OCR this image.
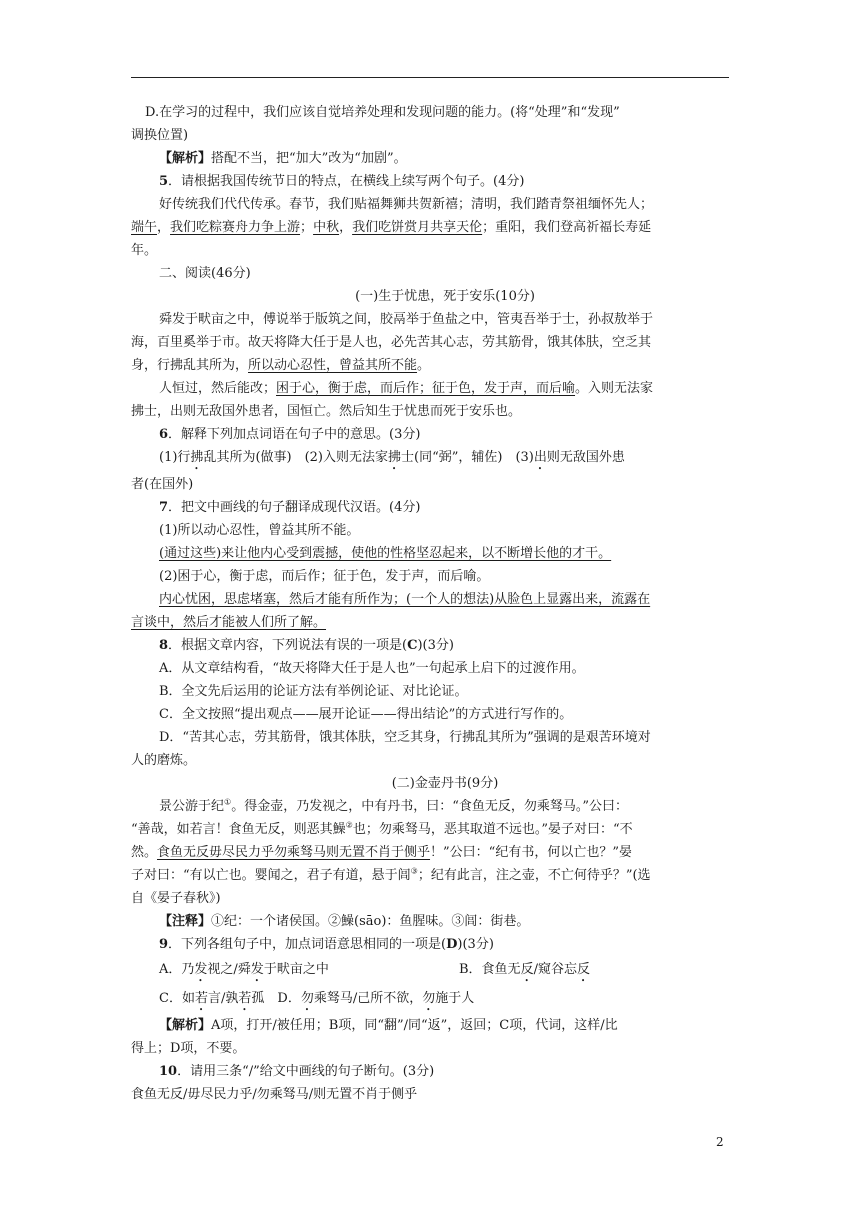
D.在学习的过程中，我们应该自觉培养处理和发现问题的能力。(将“处理”和“发现”

调换位置)

【解析】搭配不当，把“加大”改为“加剧”。

5．请根据我国传统节日的特点，在横线上续写两个句子。(4分)

好传统我们代代传承。春节，我们贴福舞狮共贺新禧；清明，我们踏青祭祖缅怀先人；

端午，我们吃粽赛舟力争上游；中秋，我们吃饼赏月共享天伦；重阳，我们登高祈福长寿延

年。

二、阅读(46分)

(一)生于忧患，死于安乐(10分)

舜发于畎亩之中，傅说举于版筑之间，胶鬲举于鱼盐之中，管夷吾举于士，孙叔敖举于

海，百里奚举于市。故天将降大任于是人也，必先苦其心志，劳其筋骨，饿其体肤，空乏其

身，行拂乱其所为，所以动心忍性，曾益其所不能。

人恒过，然后能改；困于心，衡于虑，而后作；征于色，发于声，而后喻。入则无法家

拂士，出则无敌国外患者，国恒亡。然后知生于忧患而死于安乐也。

6．解释下列加点词语在句子中的意思。(3分)

(1)行拂乱其所为(做事)  (2)入则无法家拂士(同“弼”，辅佐)  (3)出则无敌国外患

者(在国外)

7．把文中画线的句子翻译成现代汉语。(4分)

(1)所以动心忍性，曾益其所不能。

(通过这些)来让他内心受到震撼，使他的性格坚忍起来，以不断增长他的才干。

(2)困于心，衡于虑，而后作；征于色，发于声，而后喻。

内心忧困，思虑堵塞，然后才能有所作为；(一个人的想法)从脸色上显露出来，流露在

言谈中，然后才能被人们所了解。

8．根据文章内容，下列说法有误的一项是(C)(3分)

A．从文章结构看，“故天将降大任于是人也”一句起承上启下的过渡作用。

B．全文先后运用的论证方法有举例论证、对比论证。

C．全文按照“提出观点——展开论证——得出结论”的方式进行写作的。

D．“苦其心志，劳其筋骨，饿其体肤，空乏其身，行拂乱其所为”强调的是艰苦环境对

人的磨炼。

(二)金壶丹书(9分)

景公游于纪①。得金壶，乃发视之，中有丹书，曰：“食鱼无反，勿乘驽马。”公曰：

“善哉，如若言！食鱼无反，则恶其鱢②也；勿乘驽马，恶其取道不远也。”晏子对曰：“不

然。食鱼无反毋尽民力乎勿乘驽马则无置不肖于侧乎！”公曰：“纪有书，何以亡也？”晏

子对曰：“有以亡也。婴闻之，君子有道，悬于闾③；纪有此言，注之壶，不亡何待乎？”(选

自《晏子春秋》)

【注释】①纪：一个诸侯国。②鱢(sāo)：鱼腥味。③闾：街巷。

9．下列各组句子中，加点词语意思相同的一项是(D)(3分)

A．乃发视之/舜发于畎亩之中	B．食鱼无反/窥谷忘反

C．如若言/孰若孤  D．勿乘驽马/己所不欲，勿施于人

【解析】A项，打开/被任用；B项，同“翻”/同“返”，返回；C项，代词，这样/比

得上；D项，不要。

10．请用三条“/”给文中画线的句子断句。(3分)

食鱼无反/毋尽民力乎/勿乘驽马/则无置不肖于侧乎

2
